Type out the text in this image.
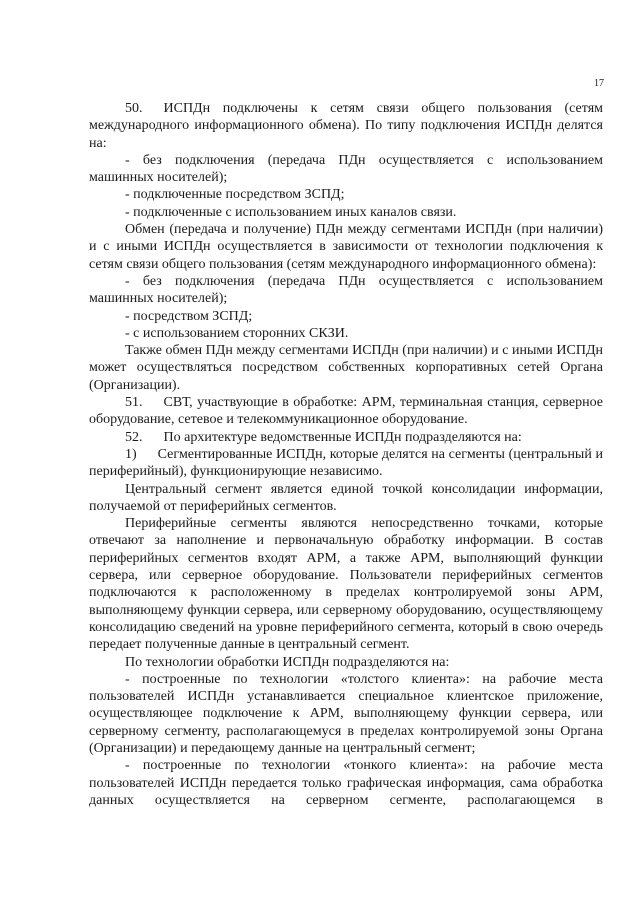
17

50.  ИСПДн подключены к сетям связи общего пользования (сетям международного информационного обмена). По типу подключения ИСПДн делятся на:

- без подключения (передача ПДн осуществляется с использованием машинных носителей);

- подключенные посредством ЗСПД;

- подключенные с использованием иных каналов связи.

Обмен (передача и получение) ПДн между сегментами ИСПДн (при наличии) и с иными ИСПДн осуществляется в зависимости от технологии подключения к сетям связи общего пользования (сетям международного информационного обмена):

- без подключения (передача ПДн осуществляется с использованием машинных носителей);

- посредством ЗСПД;

- с использованием сторонних СКЗИ.

Также обмен ПДн между сегментами ИСПДн (при наличии) и с иными ИСПДн может осуществляться посредством собственных корпоративных сетей Органа (Организации).

51.  СВТ, участвующие в обработке: АРМ, терминальная станция, серверное оборудование, сетевое и телекоммуникационное оборудование.

52.  По архитектуре ведомственные ИСПДн подразделяются на:

1)  Сегментированные ИСПДн, которые делятся на сегменты (центральный и периферийный), функционирующие независимо.

Центральный сегмент является единой точкой консолидации информации, получаемой от периферийных сегментов.

Периферийные сегменты являются непосредственно точками, которые отвечают за наполнение и первоначальную обработку информации. В состав периферийных сегментов входят АРМ, а также АРМ, выполняющий функции сервера, или серверное оборудование. Пользователи периферийных сегментов подключаются к расположенному в пределах контролируемой зоны АРМ, выполняющему функции сервера, или серверному оборудованию, осуществляющему консолидацию сведений на уровне периферийного сегмента, который в свою очередь передает полученные данные в центральный сегмент.

По технологии обработки ИСПДн подразделяются на:

- построенные по технологии «толстого клиента»: на рабочие места пользователей ИСПДн устанавливается специальное клиентское приложение, осуществляющее подключение к АРМ, выполняющему функции сервера, или серверному сегменту, располагающемуся в пределах контролируемой зоны Органа (Организации) и передающему данные на центральный сегмент;

- построенные по технологии «тонкого клиента»: на рабочие места пользователей ИСПДн передается только графическая информация, сама обработка данных осуществляется на серверном сегменте, располагающемся в
